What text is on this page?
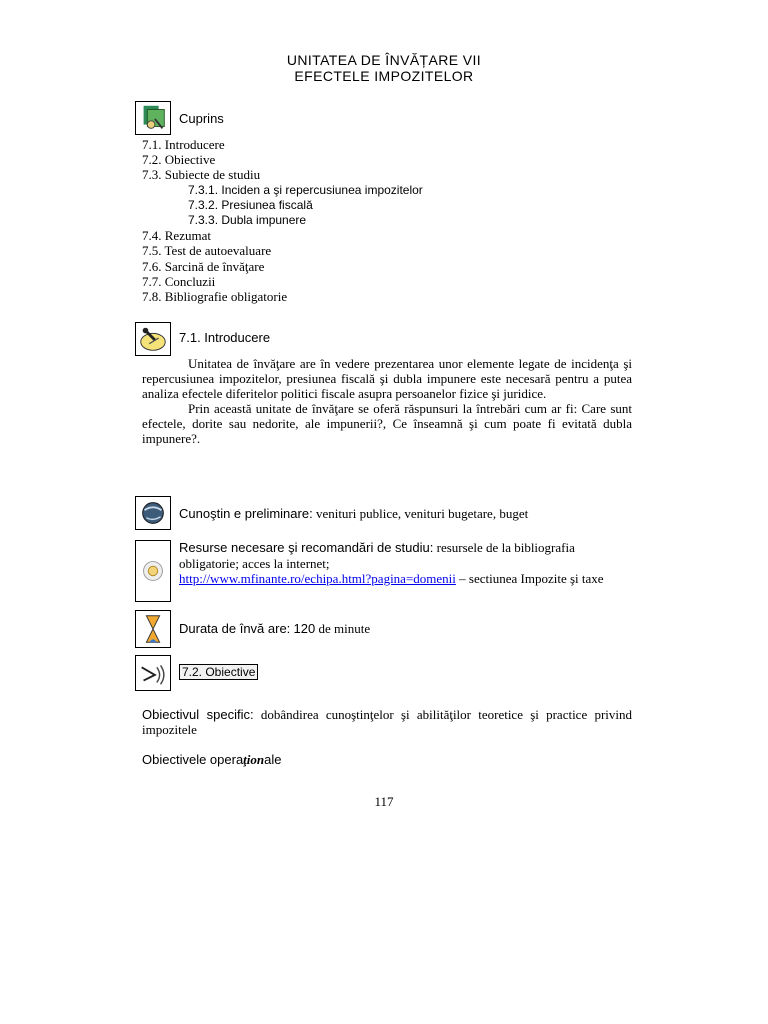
UNITATEA DE ÎNVĂȚARE VII
EFECTELE IMPOZITELOR
Cuprins
7.1. Introducere
7.2. Obiective
7.3. Subiecte de studiu
7.3.1. Inciden a şi repercusiunea impozitelor
7.3.2. Presiunea fiscală
7.3.3. Dubla impunere
7.4. Rezumat
7.5. Test de autoevaluare
7.6. Sarcină de învăţare
7.7. Concluzii
7.8. Bibliografie obligatorie
7.1. Introducere

Unitatea de învăţare are în vedere prezentarea unor elemente legate de incidenţa şi repercusiunea impozitelor, presiunea fiscală şi dubla impunere este necesară pentru a putea analiza efectele diferitelor politici fiscale asupra persoanelor fizice şi juridice.

Prin această unitate de învăţare se oferă răspunsuri la întrebări cum ar fi: Care sunt efectele, dorite sau nedorite, ale impunerii?, Ce înseamnă şi cum poate fi evitată dubla impunere?.

Cunoştin e preliminare: venituri publice, venituri bugetare, buget
Resurse necesare şi recomandări de studiu: resursele de la bibliografia obligatorie; acces la internet;
http://www.mfinante.ro/echipa.html?pagina=domenii – sectiunea Impozite şi taxe
Durata de învă are: 120 de minute
7.2. Obiective
Obiectivul specific: dobândirea cunoştinţelor şi abilităţilor teoretice şi practice privind impozitele
Obiectivele operaţionale
117
